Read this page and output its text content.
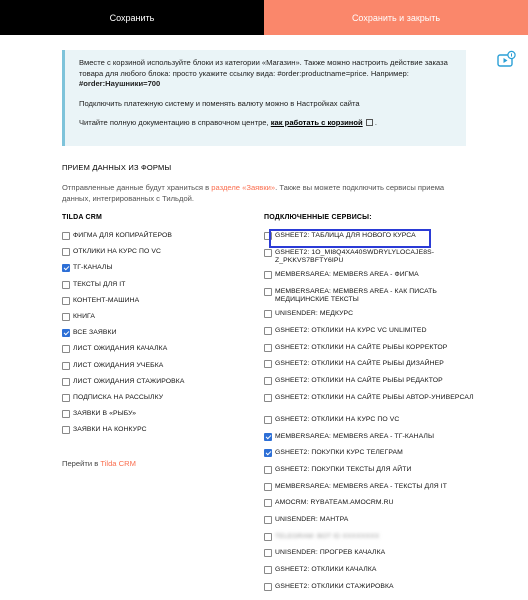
Сохранить	Сохранить и закрыть

Вместе с корзиной используйте блоки из категории «Магазин». Также можно настроить действие заказа товара для любого блока: просто укажите ссылку вида: #order:productname=price. Например: #order:Наушники=700

Подключить платежную систему и поменять валюту можно в Настройках сайта

Читайте полную документацию в справочном центре, как работать с корзиной .

ПРИЕМ ДАННЫХ ИЗ ФОРМЫ
Отправленные данные будут храниться в разделе «Заявки». Также вы можете подключить сервисы приема данных, интегрированных с Тильдой.
TILDA CRM	ПОДКЛЮЧЕННЫЕ СЕРВИСЫ:
ФИГМА ДЛЯ КОПИРАЙТЕРОВ
ОТКЛИКИ НА КУРС ПО VC
ТГ-КАНАЛЫ
ТЕКСТЫ ДЛЯ IT
КОНТЕНТ-МАШИНА
КНИГА
ВСЕ ЗАЯВКИ
ЛИСТ ОЖИДАНИЯ КАЧАЛКА
ЛИСТ ОЖИДАНИЯ УЧЕБКА
ЛИСТ ОЖИДАНИЯ СТАЖИРОВКА
ПОДПИСКА НА РАССЫЛКУ
ЗАЯВКИ В «РЫБУ»
ЗАЯВКИ НА КОНКУРС
GSHEET2: ТАБЛИЦА ДЛЯ НОВОГО КУРСА
GSHEET2: 1O_MI8Q4XA40SWDRYLYLOCAJE8S-Z_PKKVS7BFTY6IPU
MEMBERSAREA: MEMBERS AREA - ФИГМА
MEMBERSAREA: MEMBERS AREA - КАК ПИСАТЬ МЕДИЦИНСКИЕ ТЕКСТЫ
UNISENDER: МЕДКУРС
GSHEET2: ОТКЛИКИ НА КУРС VC UNLIMITED
GSHEET2: ОТКЛИКИ НА САЙТЕ РЫБЫ КОРРЕКТОР
GSHEET2: ОТКЛИКИ НА САЙТЕ РЫБЫ ДИЗАЙНЕР
GSHEET2: ОТКЛИКИ НА САЙТЕ РЫБЫ РЕДАКТОР
GSHEET2: ОТКЛИКИ НА САЙТЕ РЫБЫ АВТОР-УНИВЕРСАЛ
GSHEET2: ОТКЛИКИ НА КУРС ПО VC
MEMBERSAREA: MEMBERS AREA - ТГ-КАНАЛЫ
GSHEET2: ПОКУПКИ КУРС ТЕЛЕГРАМ
GSHEET2: ПОКУПКИ ТЕКСТЫ ДЛЯ АЙТИ
MEMBERSAREA: MEMBERS AREA - ТЕКСТЫ ДЛЯ IT
AMOCRM: RYBATEAM.AMOCRM.RU
UNISENDER: МАНТРА
TELEGRAM: BOT ID XXXXXXXX
UNISENDER: ПРОГРЕВ КАЧАЛКА
GSHEET2: ОТКЛИКИ КАЧАЛКА
GSHEET2: ОТКЛИКИ СТАЖИРОВКА
Перейти в Tilda CRM
